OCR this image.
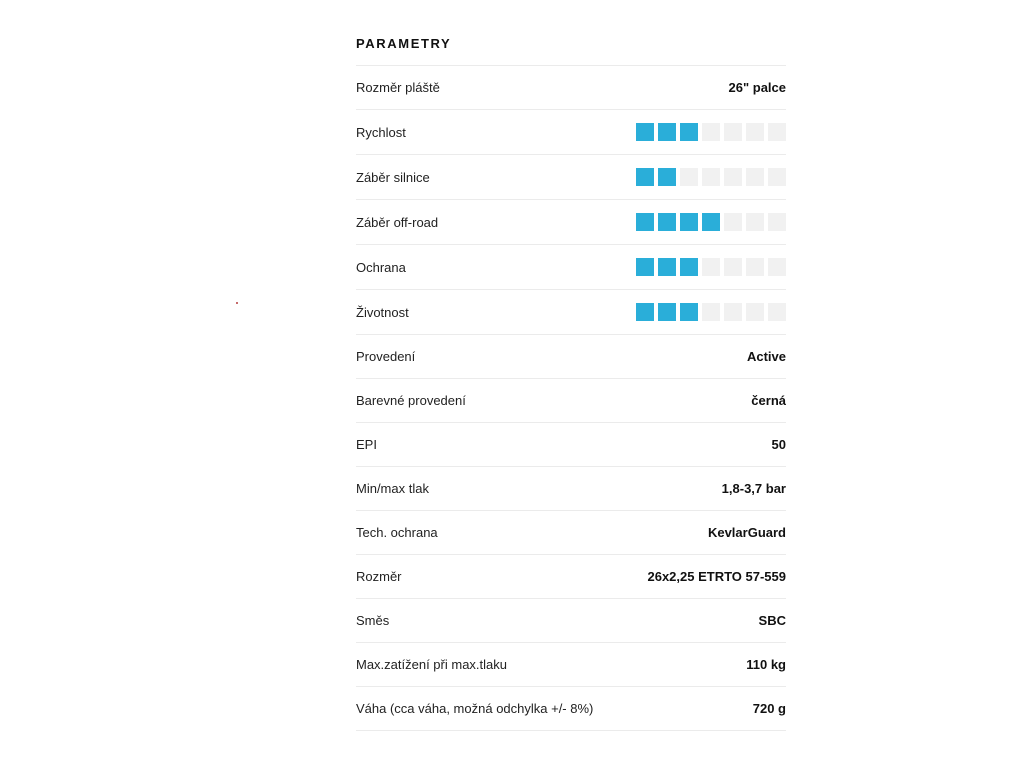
PARAMETRY
Rozměr pláště	26" palce
Rychlost
Záběr silnice
Záběr off-road
Ochrana
Životnost
Provedení	Active
Barevné provedení	černá
EPI	50
Min/max tlak	1,8-3,7 bar
Tech. ochrana	KevlarGuard
Rozměr	26x2,25 ETRTO 57-559
Směs	SBC
Max.zatížení při max.tlaku	110 kg
Váha (cca váha, možná odchylka +/- 8%)	720 g
